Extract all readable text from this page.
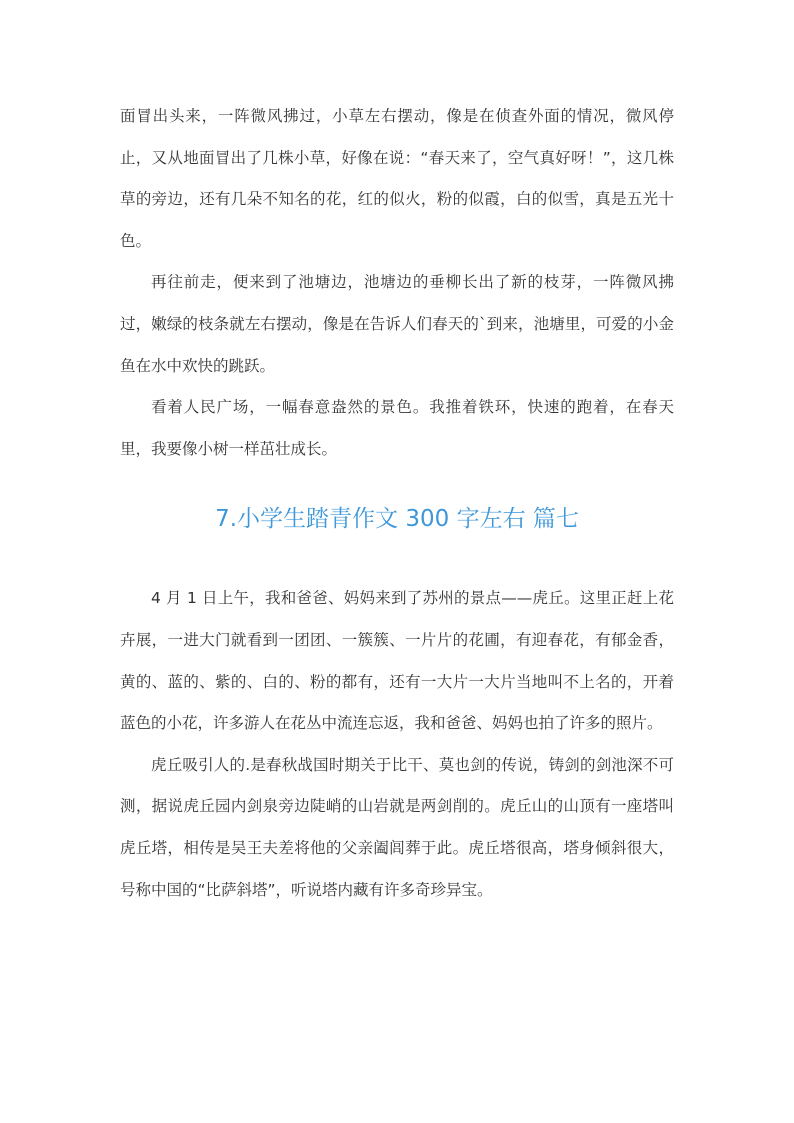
面冒出头来，一阵微风拂过，小草左右摆动，像是在侦查外面的情况，微风停止，又从地面冒出了几株小草，好像在说：“春天来了，空气真好呀！”，这几株草的旁边，还有几朵不知名的花，红的似火，粉的似霞，白的似雪，真是五光十色。

再往前走，便来到了池塘边，池塘边的垂柳长出了新的枝芽，一阵微风拂过，嫩绿的枝条就左右摆动，像是在告诉人们春天的`到来，池塘里，可爱的小金鱼在水中欢快的跳跃。

看着人民广场，一幅春意盎然的景色。我推着铁环，快速的跑着，在春天里，我要像小树一样茁壮成长。

7.小学生踏青作文 300 字左右 篇七

4 月 1 日上午，我和爸爸、妈妈来到了苏州的景点——虎丘。这里正赶上花卉展，一进大门就看到一团团、一簇簇、一片片的花圃，有迎春花，有郁金香，黄的、蓝的、紫的、白的、粉的都有，还有一大片一大片当地叫不上名的，开着蓝色的小花，许多游人在花丛中流连忘返，我和爸爸、妈妈也拍了许多的照片。

虎丘吸引人的.是春秋战国时期关于比干、莫也剑的传说，铸剑的剑池深不可测，据说虎丘园内剑泉旁边陡峭的山岩就是两剑削的。虎丘山的山顶有一座塔叫虎丘塔，相传是吴王夫差将他的父亲阖闾葬于此。虎丘塔很高，塔身倾斜很大，号称中国的“比萨斜塔”，听说塔内藏有许多奇珍异宝。
